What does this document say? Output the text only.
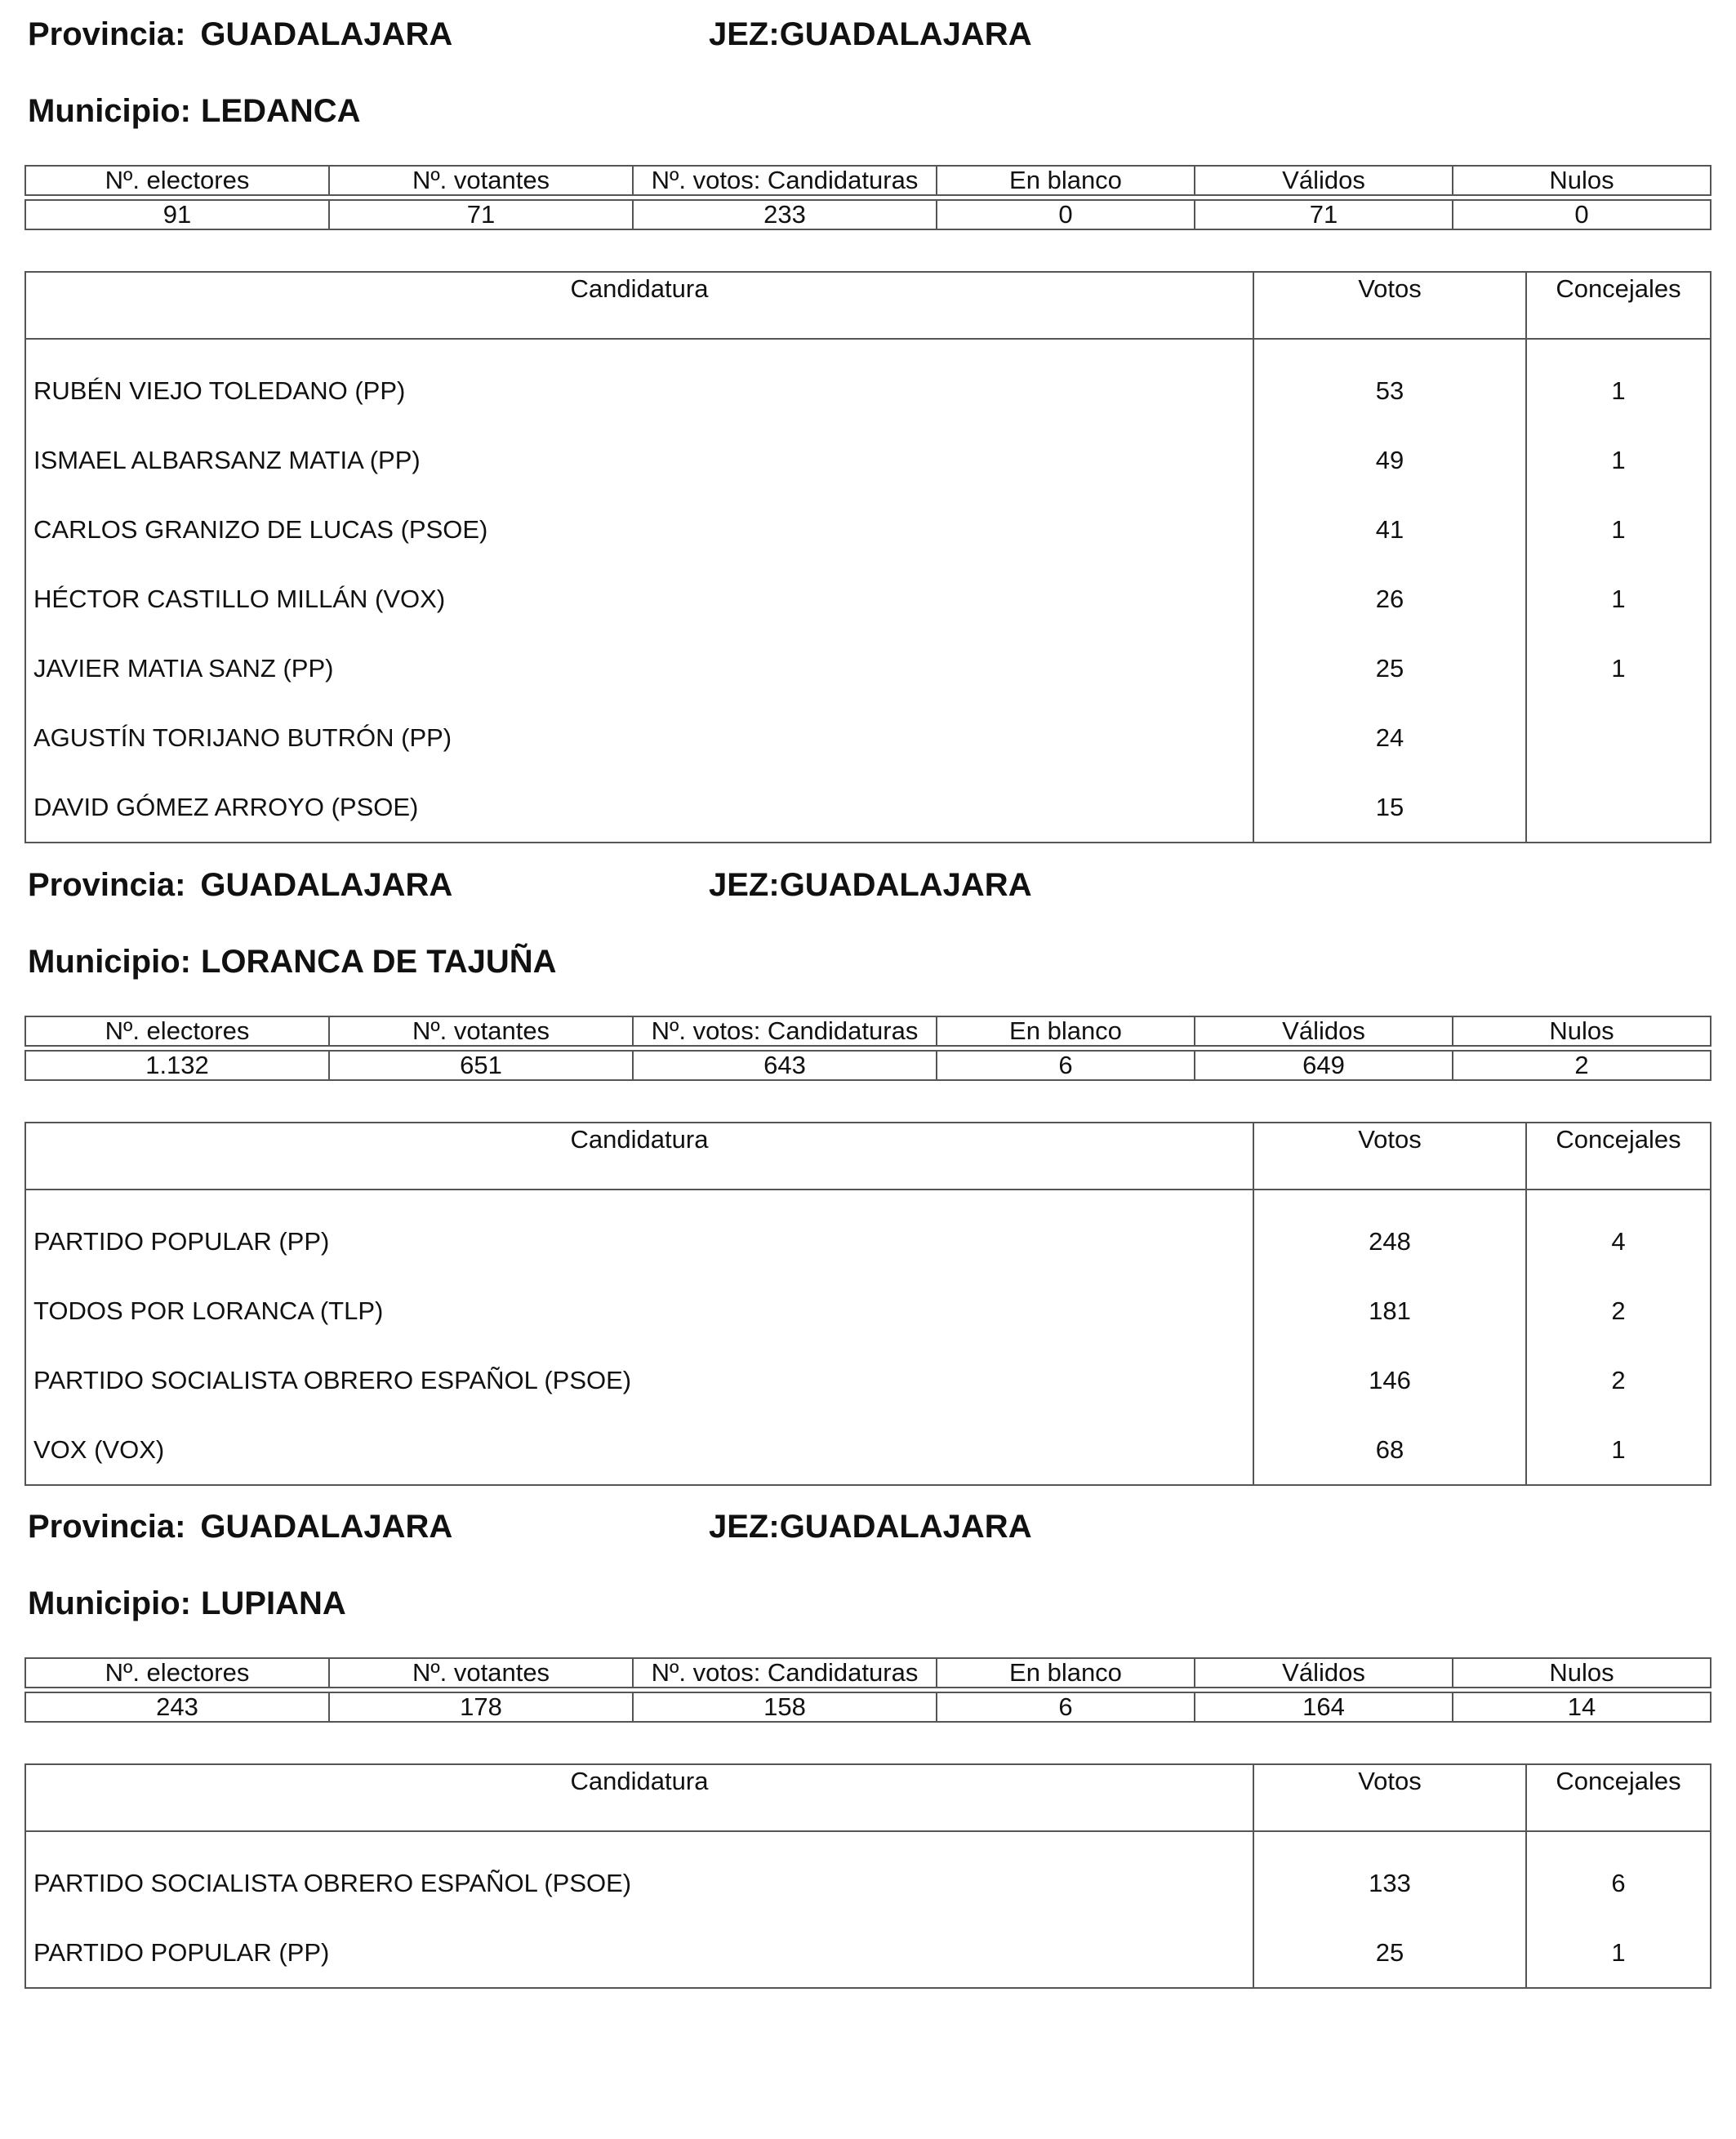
Provincia: GUADALAJARA	JEZ:GUADALAJARA
Municipio: LEDANCA
Nº. electores	Nº. votantes	Nº. votos: Candidaturas	En blanco	Válidos	Nulos

91	71	233	0	71	0
Candidatura	Votos	Concejales
RUBÉN VIEJO TOLEDANO (PP)	53	1
ISMAEL ALBARSANZ MATIA (PP)	49	1
CARLOS GRANIZO DE LUCAS (PSOE)	41	1
HÉCTOR CASTILLO MILLÁN (VOX)	26	1
JAVIER MATIA SANZ (PP)	25	1
AGUSTÍN TORIJANO BUTRÓN (PP)	24	
DAVID GÓMEZ ARROYO (PSOE)	15	
Provincia: GUADALAJARA	JEZ:GUADALAJARA
Municipio: LORANCA DE TAJUÑA
Nº. electores	Nº. votantes	Nº. votos: Candidaturas	En blanco	Válidos	Nulos

1.132	651	643	6	649	2
Candidatura	Votos	Concejales
PARTIDO POPULAR (PP)	248	4
TODOS POR LORANCA (TLP)	181	2
PARTIDO SOCIALISTA OBRERO ESPAÑOL (PSOE)	146	2
VOX (VOX)	68	1
Provincia: GUADALAJARA	JEZ:GUADALAJARA
Municipio: LUPIANA
Nº. electores	Nº. votantes	Nº. votos: Candidaturas	En blanco	Válidos	Nulos

243	178	158	6	164	14
Candidatura	Votos	Concejales
PARTIDO SOCIALISTA OBRERO ESPAÑOL (PSOE)	133	6
PARTIDO POPULAR (PP)	25	1
